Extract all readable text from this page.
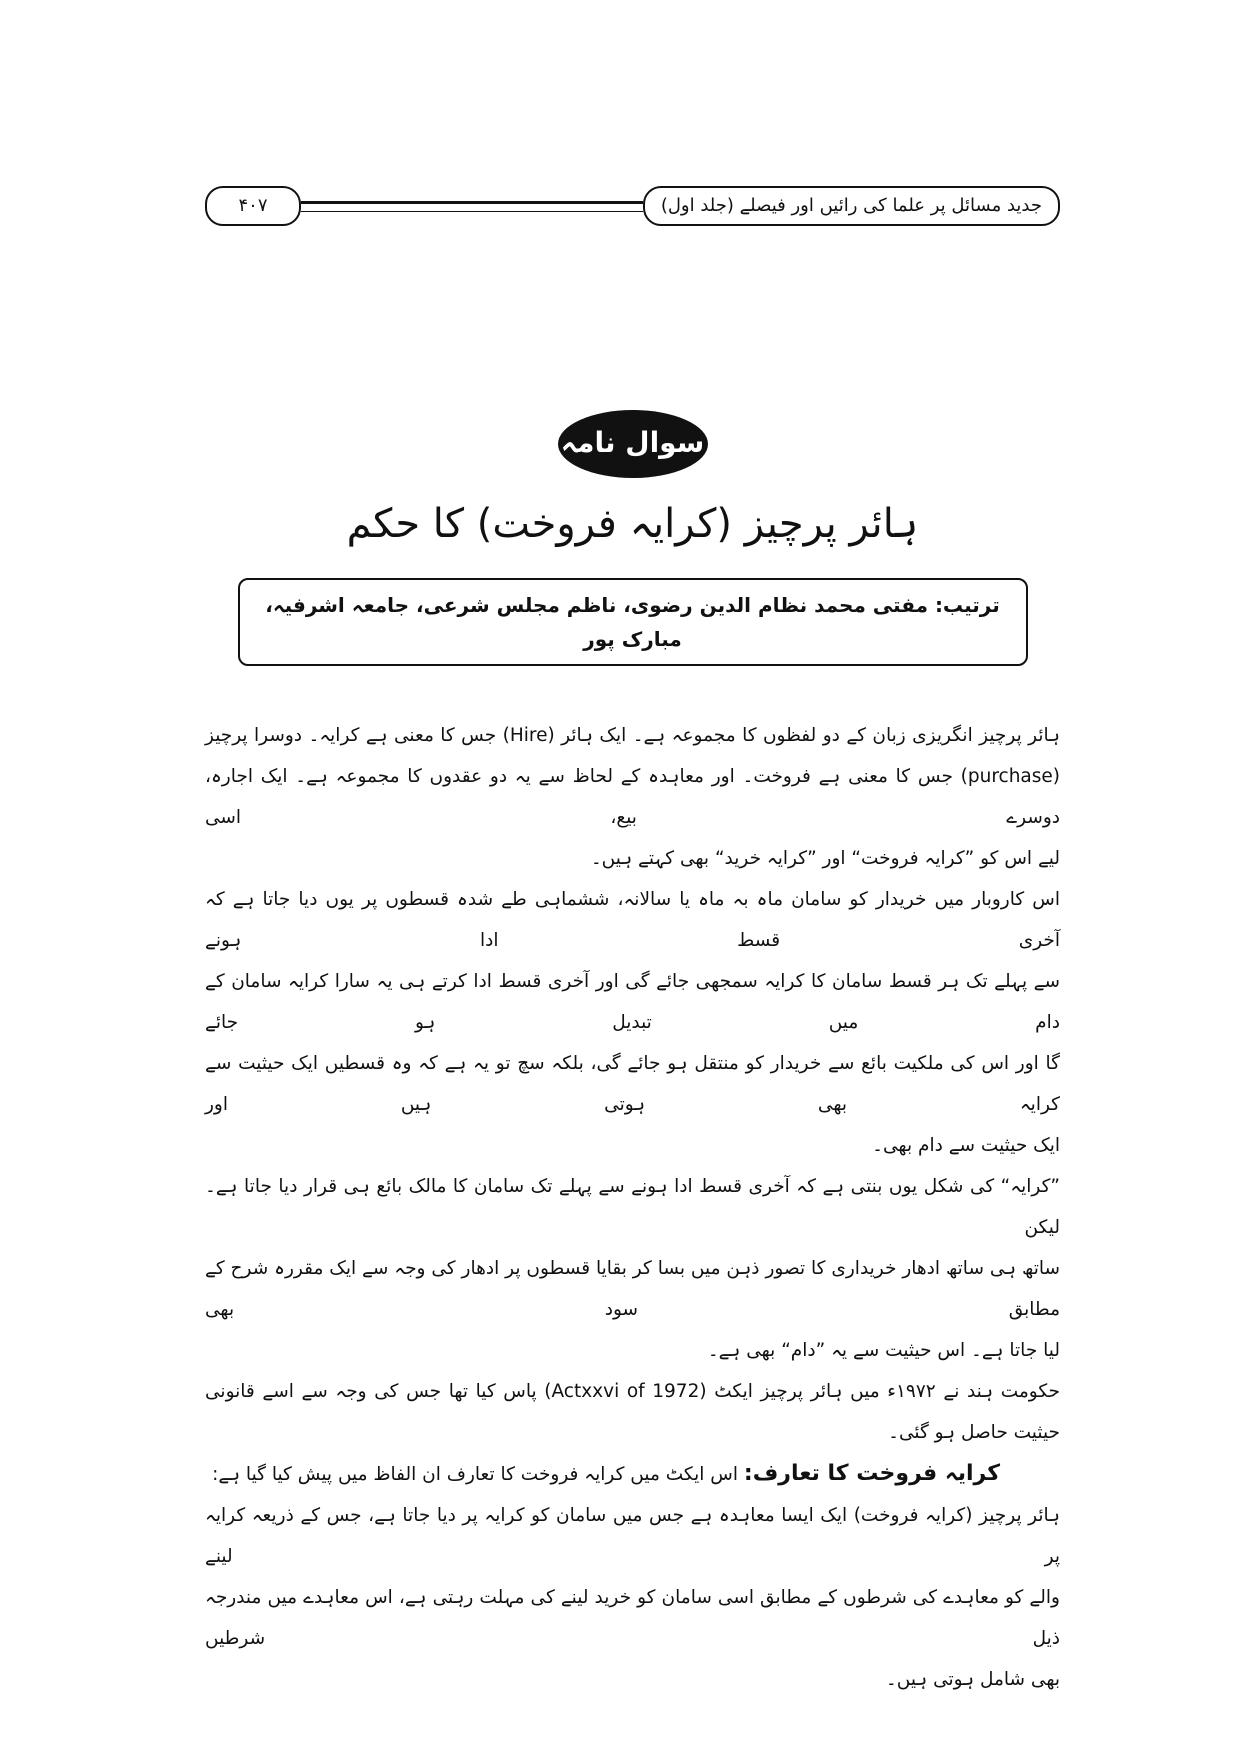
۴۰۷	جدید مسائل پر علما کی رائیں اور فیصلے (جلد اول)
سوال نامہ
ہائر پرچیز (کرایہ فروخت) کا حکم
ترتیب: مفتی محمد نظام الدین رضوی، ناظم مجلس شرعی، جامعہ اشرفیہ، مبارک پور
ہائر پرچیز انگریزی زبان کے دو لفظوں کا مجموعہ ہے۔ ایک ہائر (Hire) جس کا معنی ہے کرایہ۔ دوسرا پرچیز
(purchase) جس کا معنی ہے فروخت۔ اور معاہدہ کے لحاظ سے یہ دو عقدوں کا مجموعہ ہے۔ ایک اجارہ، دوسرے بیع، اسی
لیے اس کو ”کرایہ فروخت“ اور ”کرایہ خرید“ بھی کہتے ہیں۔
اس کاروبار میں خریدار کو سامان ماہ بہ ماہ یا سالانہ، ششماہی طے شدہ قسطوں پر یوں دیا جاتا ہے کہ آخری قسط ادا ہونے
سے پہلے تک ہر قسط سامان کا کرایہ سمجھی جائے گی اور آخری قسط ادا کرتے ہی یہ سارا کرایہ سامان کے دام میں تبدیل ہو جائے
گا اور اس کی ملکیت بائع سے خریدار کو منتقل ہو جائے گی، بلکہ سچ تو یہ ہے کہ وہ قسطیں ایک حیثیت سے کرایہ بھی ہوتی ہیں اور
ایک حیثیت سے دام بھی۔
”کرایہ“ کی شکل یوں بنتی ہے کہ آخری قسط ادا ہونے سے پہلے تک سامان کا مالک بائع ہی قرار دیا جاتا ہے۔ لیکن
ساتھ ہی ساتھ ادھار خریداری کا تصور ذہن میں بسا کر بقایا قسطوں پر ادھار کی وجہ سے ایک مقررہ شرح کے مطابق سود بھی
لیا جاتا ہے۔ اس حیثیت سے یہ ”دام“ بھی ہے۔
حکومت ہند نے ۱۹۷۲ء میں ہائر پرچیز ایکٹ (Actxxvi of 1972) پاس کیا تھا جس کی وجہ سے اسے قانونی
حیثیت حاصل ہو گئی۔
کرایہ فروخت کا تعارف: اس ایکٹ میں کرایہ فروخت کا تعارف ان الفاظ میں پیش کیا گیا ہے:
ہائر پرچیز (کرایہ فروخت) ایک ایسا معاہدہ ہے جس میں سامان کو کرایہ پر دیا جاتا ہے، جس کے ذریعہ کرایہ پر لینے
والے کو معاہدے کی شرطوں کے مطابق اسی سامان کو خرید لینے کی مہلت رہتی ہے، اس معاہدے میں مندرجہ ذیل شرطیں
بھی شامل ہوتی ہیں۔
